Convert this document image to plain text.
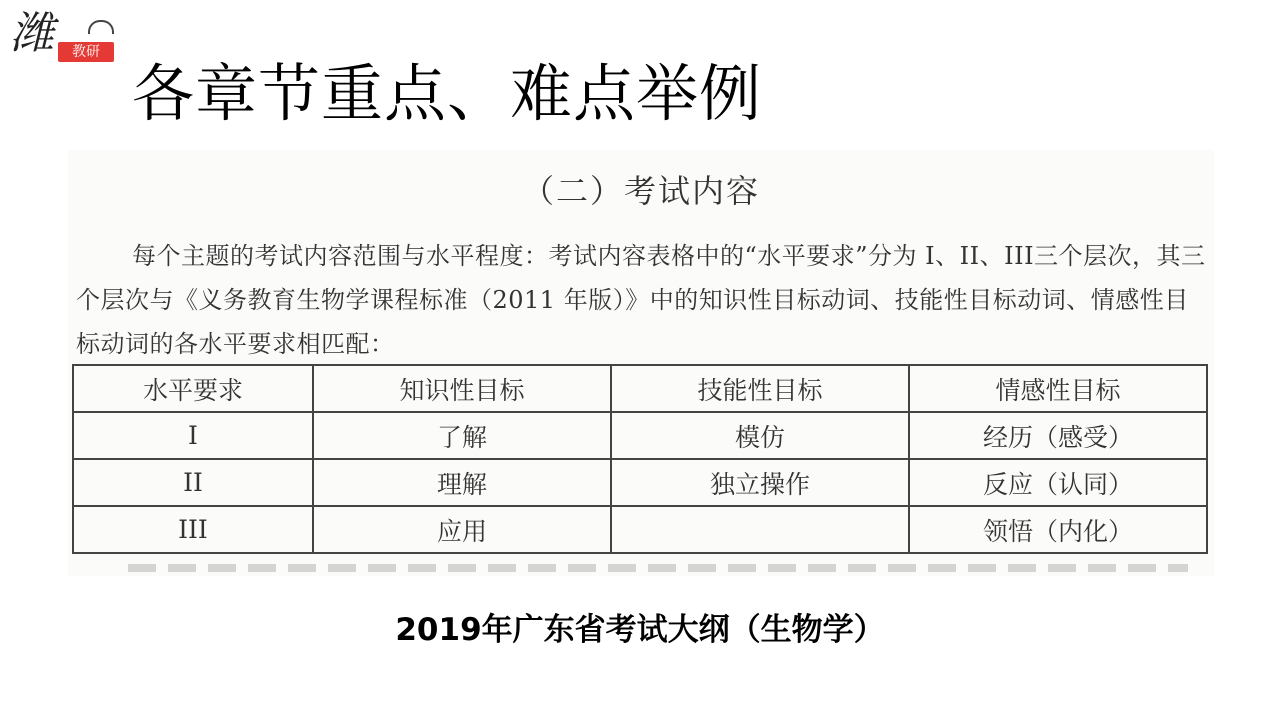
潍	教研
各章节重点、难点举例
（二）考试内容
每个主题的考试内容范围与水平程度：考试内容表格中的“水平要求”分为 I、II、III三个层次，其三个层次与《义务教育生物学课程标准（2011 年版）》中的知识性目标动词、技能性目标动词、情感性目标动词的各水平要求相匹配：
水平要求	知识性目标	技能性目标	情感性目标
I	了解	模仿	经历（感受）
II	理解	独立操作	反应（认同）
III	应用		领悟（内化）
2019年广东省考试大纲（生物学）
